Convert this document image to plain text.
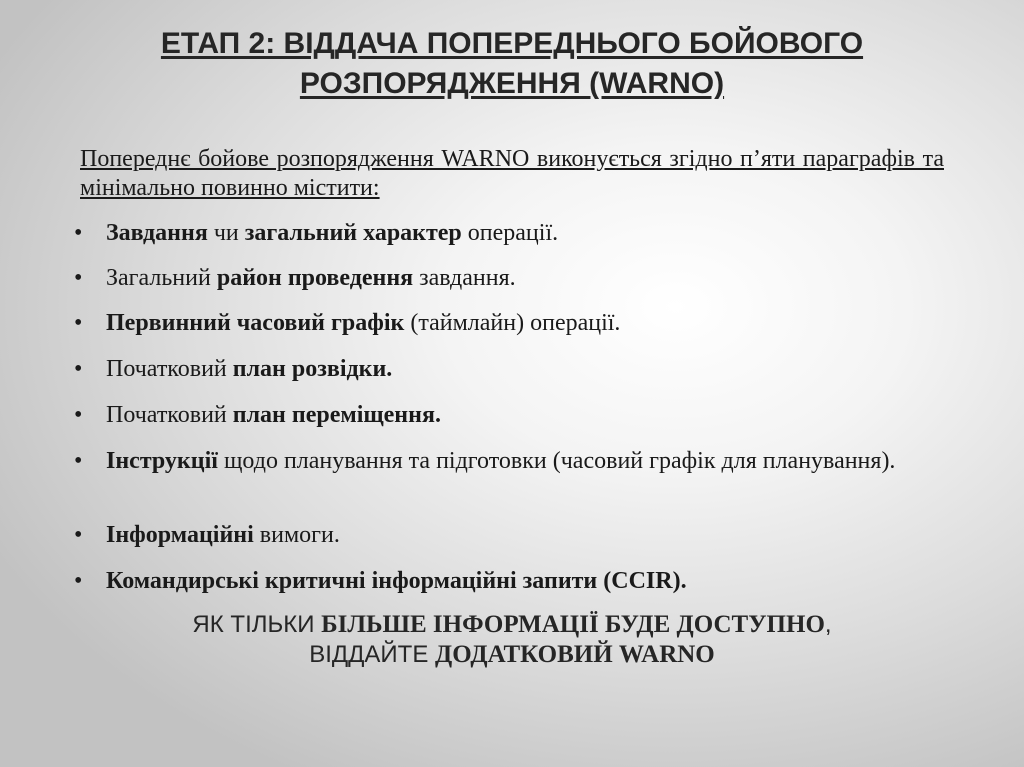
ЕТАП 2: ВІДДАЧА ПОПЕРЕДНЬОГО БОЙОВОГО
РОЗПОРЯДЖЕННЯ (WARNO)
Попереднє бойове розпорядження WARNO виконується згідно п’яти параграфів та мінімально повинно містити:
• Завдання чи загальний характер операції.
• Загальний район проведення завдання.
• Первинний часовий графік (таймлайн) операції.
• Початковий план розвідки.
• Початковий план переміщення.
• Інструкції щодо планування та підготовки (часовий графік для планування).
• Інформаційні вимоги.
• Командирські критичні інформаційні запити (CCIR).
ЯК ТІЛЬКИ БІЛЬШЕ ІНФОРМАЦІЇ БУДЕ ДОСТУПНО,
ВІДДАЙТЕ ДОДАТКОВИЙ WARNO
